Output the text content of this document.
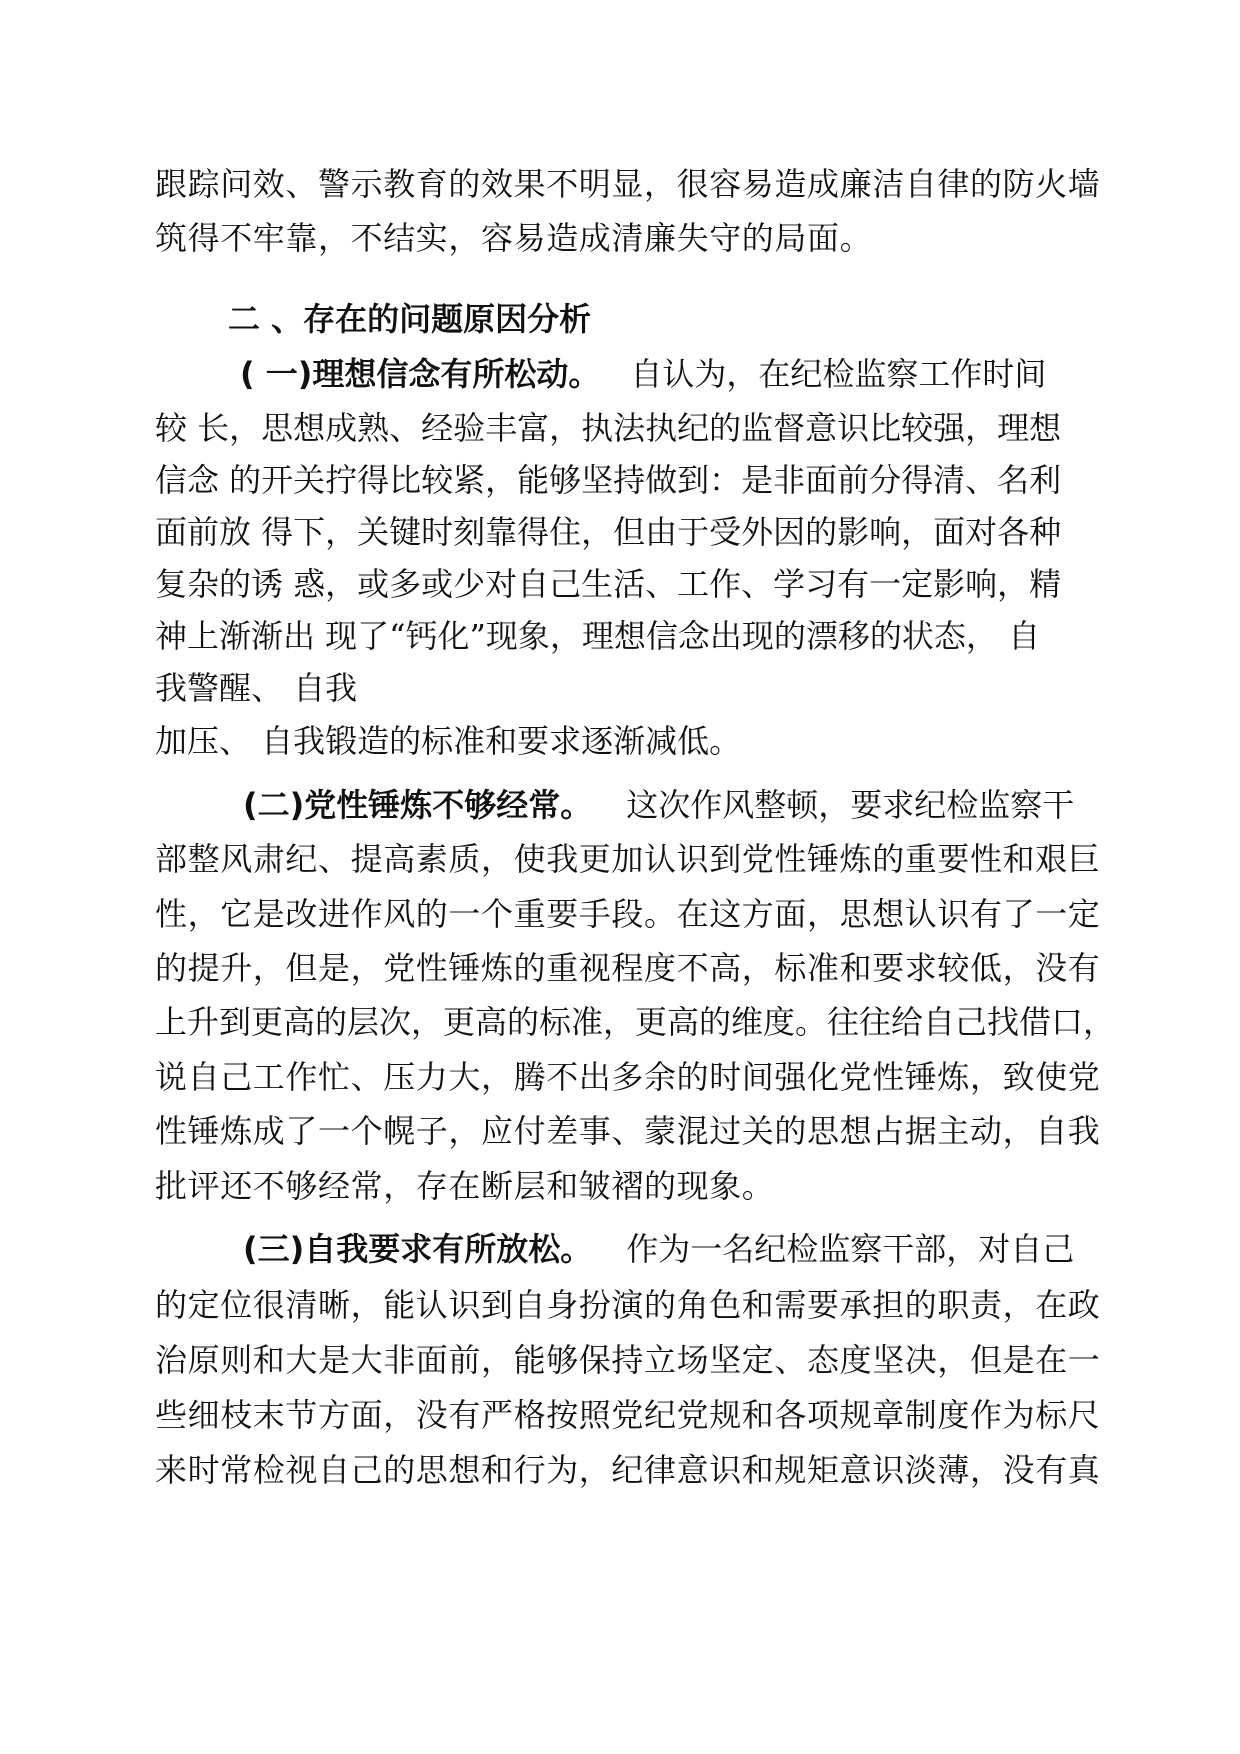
跟踪问效、警示教育的效果不明显，很容易造成廉洁自律的防火墙
筑得不牢靠，不结实，容易造成清廉失守的局面。
二 、存在的问题原因分析
( 一)理想信念有所松动。 自认为，在纪检监察工作时间
较 长，思想成熟、经验丰富，执法执纪的监督意识比较强，理想
信念 的开关拧得比较紧，能够坚持做到：是非面前分得清、名利
面前放 得下，关键时刻靠得住，但由于受外因的影响，面对各种
复杂的诱 惑，或多或少对自己生活、工作、学习有一定影响，精
神上渐渐出 现了“钙化”现象，理想信念出现的漂移的状态， 自
我警醒、 自我
加压、 自我锻造的标准和要求逐渐减低。
(二)党性锤炼不够经常。 这次作风整顿，要求纪检监察干
部整风肃纪、提高素质，使我更加认识到党性锤炼的重要性和艰巨
性，它是改进作风的一个重要手段。在这方面，思想认识有了一定
的提升，但是，党性锤炼的重视程度不高，标准和要求较低，没有
上升到更高的层次，更高的标准，更高的维度。往往给自己找借口，
说自己工作忙、压力大，腾不出多余的时间强化党性锤炼，致使党
性锤炼成了一个幌子，应付差事、蒙混过关的思想占据主动，自我
批评还不够经常，存在断层和皱褶的现象。
(三)自我要求有所放松。 作为一名纪检监察干部，对自己
的定位很清晰，能认识到自身扮演的角色和需要承担的职责，在政
治原则和大是大非面前，能够保持立场坚定、态度坚决，但是在一
些细枝末节方面，没有严格按照党纪党规和各项规章制度作为标尺
来时常检视自己的思想和行为，纪律意识和规矩意识淡薄，没有真
